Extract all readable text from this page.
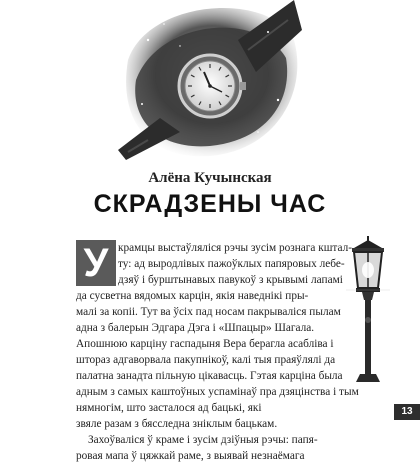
Алёна Кучынская
СКРАДЗЕНЫ ЧАС
У крамцы выстаўляліся рэчы зусім рознага кштал-
ту: ад выродлівых пажоўклых папяровых лебе-
дзяў і бурштынавых павукоў з крывымі лапамі
да сусветна вядомых карцін, якія наведнікі пры-
малі за копіі. Тут ва ўсіх пад носам пакрываліся пылам
адна з балерын Эдгара Дэга і «Шпацыр» Шагала.
Апошнюю карціну гаспадыня Вера берагла асабліва і
шторaз адгаворвала пакупнікоў, калі тыя праяўлялі да
палатна занадта пільную цікавасць. Гэтая карціна была
адным з самых каштоўных успамінаў пра дзяцінства і тым
нямногім, што засталося ад бацькі, які
звяле разам з бясследна зніклым бацькам.
Захоўваліся ў краме і зусім дзіўныя рэчы: папя-
ровая мапа ў цяжкай раме, з выявай незнаёмага
13
